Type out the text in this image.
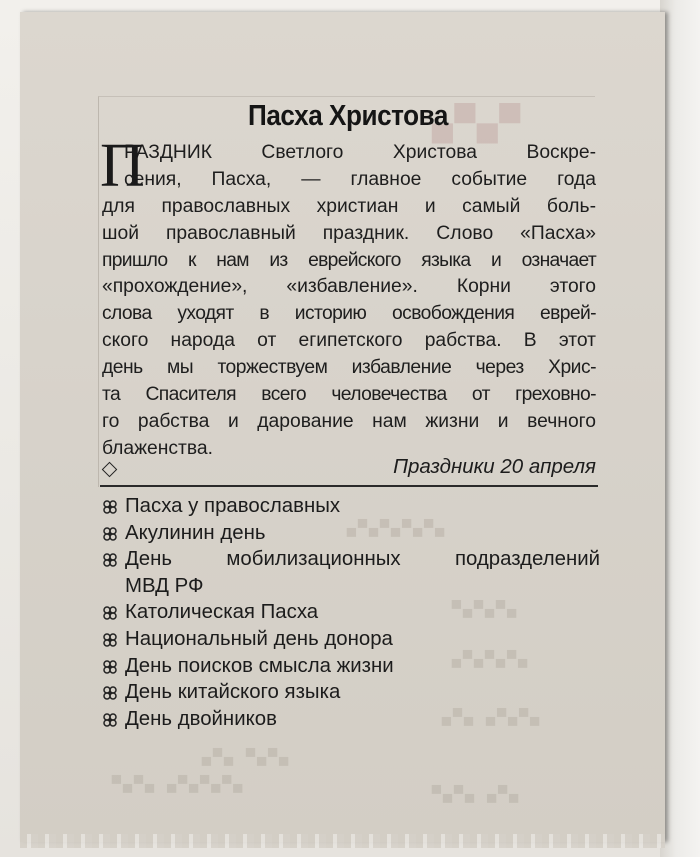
▀▄▀▄
▄▀▄▀▄▀▄▀▄
▄▀▄▀▄▀
▄▀▄▀▄▀▄
▄▀▄▀▄ ▄▀▄
▄▀▄▀ ▄▀▄
▄▀▄ ▄▀▄▀
▄▀▄▀▄▀▄ ▄▀▄▀
Пасха Христова
П
РАЗДНИК Светлого Христова Воскре-
сения, Пасха, — главное событие года
для православных христиан и самый боль-
шой православный праздник. Слово «Пасха»
пришло к нам из еврейского языка и означает
«прохождение», «избавление». Корни этого
слова уходят в историю освобождения еврей-
ского народа от египетского рабства. В этот
день мы торжествуем избавление через Хрис-
та Спасителя всего человечества от греховно-
го рабства и дарование нам жизни и вечного
блаженства.
Праздники 20 апреля
Пасха у православных
Акулинин день
День мобилизационных подразделений
МВД РФ
Католическая Пасха
Национальный день донора
День поисков смысла жизни
День китайского языка
День двойников
